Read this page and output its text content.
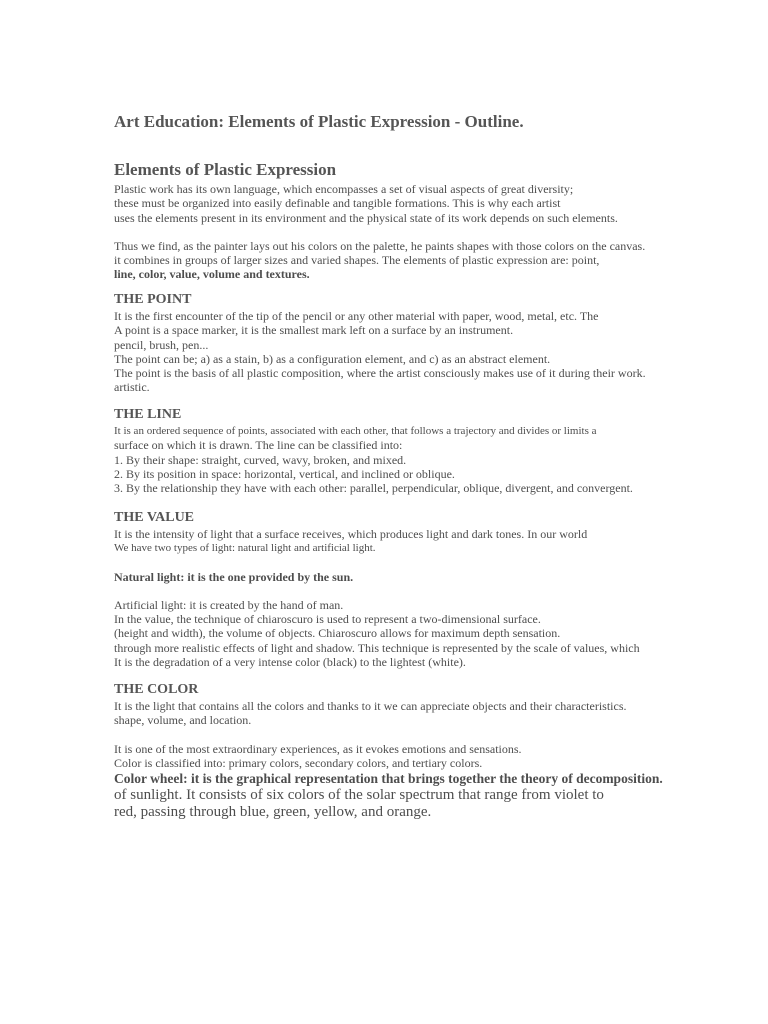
Art Education: Elements of Plastic Expression - Outline.
Elements of Plastic Expression
Plastic work has its own language, which encompasses a set of visual aspects of great diversity;
these must be organized into easily definable and tangible formations. This is why each artist
uses the elements present in its environment and the physical state of its work depends on such elements.
Thus we find, as the painter lays out his colors on the palette, he paints shapes with those colors on the canvas.
it combines in groups of larger sizes and varied shapes. The elements of plastic expression are: point,
line, color, value, volume and textures.
THE POINT
It is the first encounter of the tip of the pencil or any other material with paper, wood, metal, etc. The
A point is a space marker, it is the smallest mark left on a surface by an instrument.
pencil, brush, pen...
The point can be; a) as a stain, b) as a configuration element, and c) as an abstract element.
The point is the basis of all plastic composition, where the artist consciously makes use of it during their work.
artistic.
THE LINE
It is an ordered sequence of points, associated with each other, that follows a trajectory and divides or limits a
surface on which it is drawn. The line can be classified into:
1. By their shape: straight, curved, wavy, broken, and mixed.
2. By its position in space: horizontal, vertical, and inclined or oblique.
3. By the relationship they have with each other: parallel, perpendicular, oblique, divergent, and convergent.
THE VALUE
It is the intensity of light that a surface receives, which produces light and dark tones. In our world
We have two types of light: natural light and artificial light.
Natural light: it is the one provided by the sun.
Artificial light: it is created by the hand of man.
In the value, the technique of chiaroscuro is used to represent a two-dimensional surface.
(height and width), the volume of objects. Chiaroscuro allows for maximum depth sensation.
through more realistic effects of light and shadow. This technique is represented by the scale of values, which
It is the degradation of a very intense color (black) to the lightest (white).
THE COLOR
It is the light that contains all the colors and thanks to it we can appreciate objects and their characteristics.
shape, volume, and location.
It is one of the most extraordinary experiences, as it evokes emotions and sensations.
Color is classified into: primary colors, secondary colors, and tertiary colors.
Color wheel: it is the graphical representation that brings together the theory of decomposition.
of sunlight. It consists of six colors of the solar spectrum that range from violet to
red, passing through blue, green, yellow, and orange.
